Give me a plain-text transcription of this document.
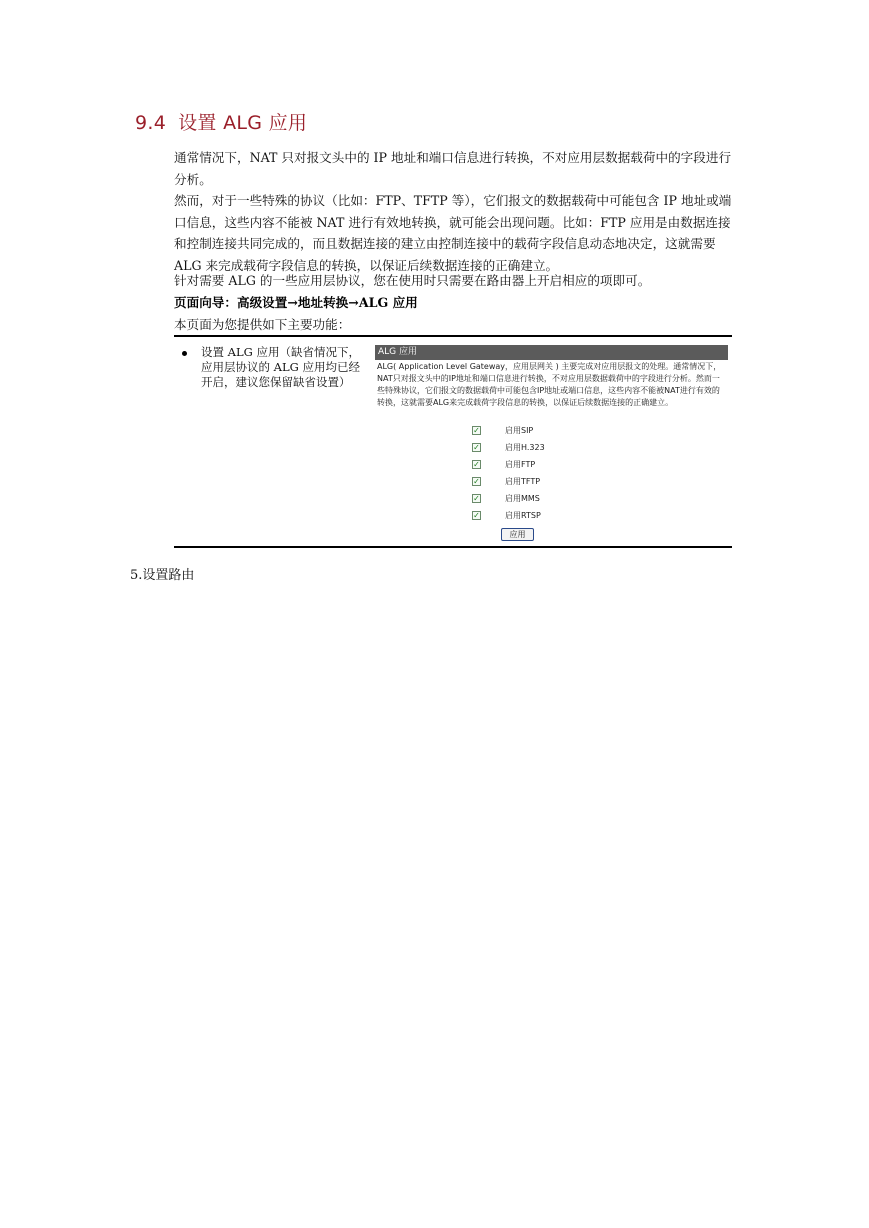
9.4 设置 ALG 应用
通常情况下，NAT 只对报文头中的 IP 地址和端口信息进行转换，不对应用层数据载荷中的字段进行分析。
然而，对于一些特殊的协议（比如：FTP、TFTP 等），它们报文的数据载荷中可能包含 IP 地址或端口信息，这些内容不能被 NAT 进行有效地转换，就可能会出现问题。比如：FTP 应用是由数据连接和控制连接共同完成的，而且数据连接的建立由控制连接中的载荷字段信息动态地决定，这就需要 ALG 来完成载荷字段信息的转换，以保证后续数据连接的正确建立。
针对需要 ALG 的一些应用层协议，您在使用时只需要在路由器上开启相应的项即可。
页面向导：高级设置→地址转换→ALG 应用
本页面为您提供如下主要功能：
设置 ALG 应用（缺省情况下，应用层协议的 ALG 应用均已经开启，建议您保留缺省设置）
ALG 应用
ALG( Application Level Gateway，应用层网关 ) 主要完成对应用层报文的处理。通常情况下，NAT只对报文头中的IP地址和端口信息进行转换，不对应用层数据载荷中的字段进行分析。然而一些特殊协议，它们报文的数据载荷中可能包含IP地址或端口信息，这些内容不能被NAT进行有效的转换，这就需要ALG来完成载荷字段信息的转换，以保证后续数据连接的正确建立。
✓	启用SIP
✓	启用H.323
✓	启用FTP
✓	启用TFTP
✓	启用MMS
✓	启用RTSP
应用
5.设置路由
